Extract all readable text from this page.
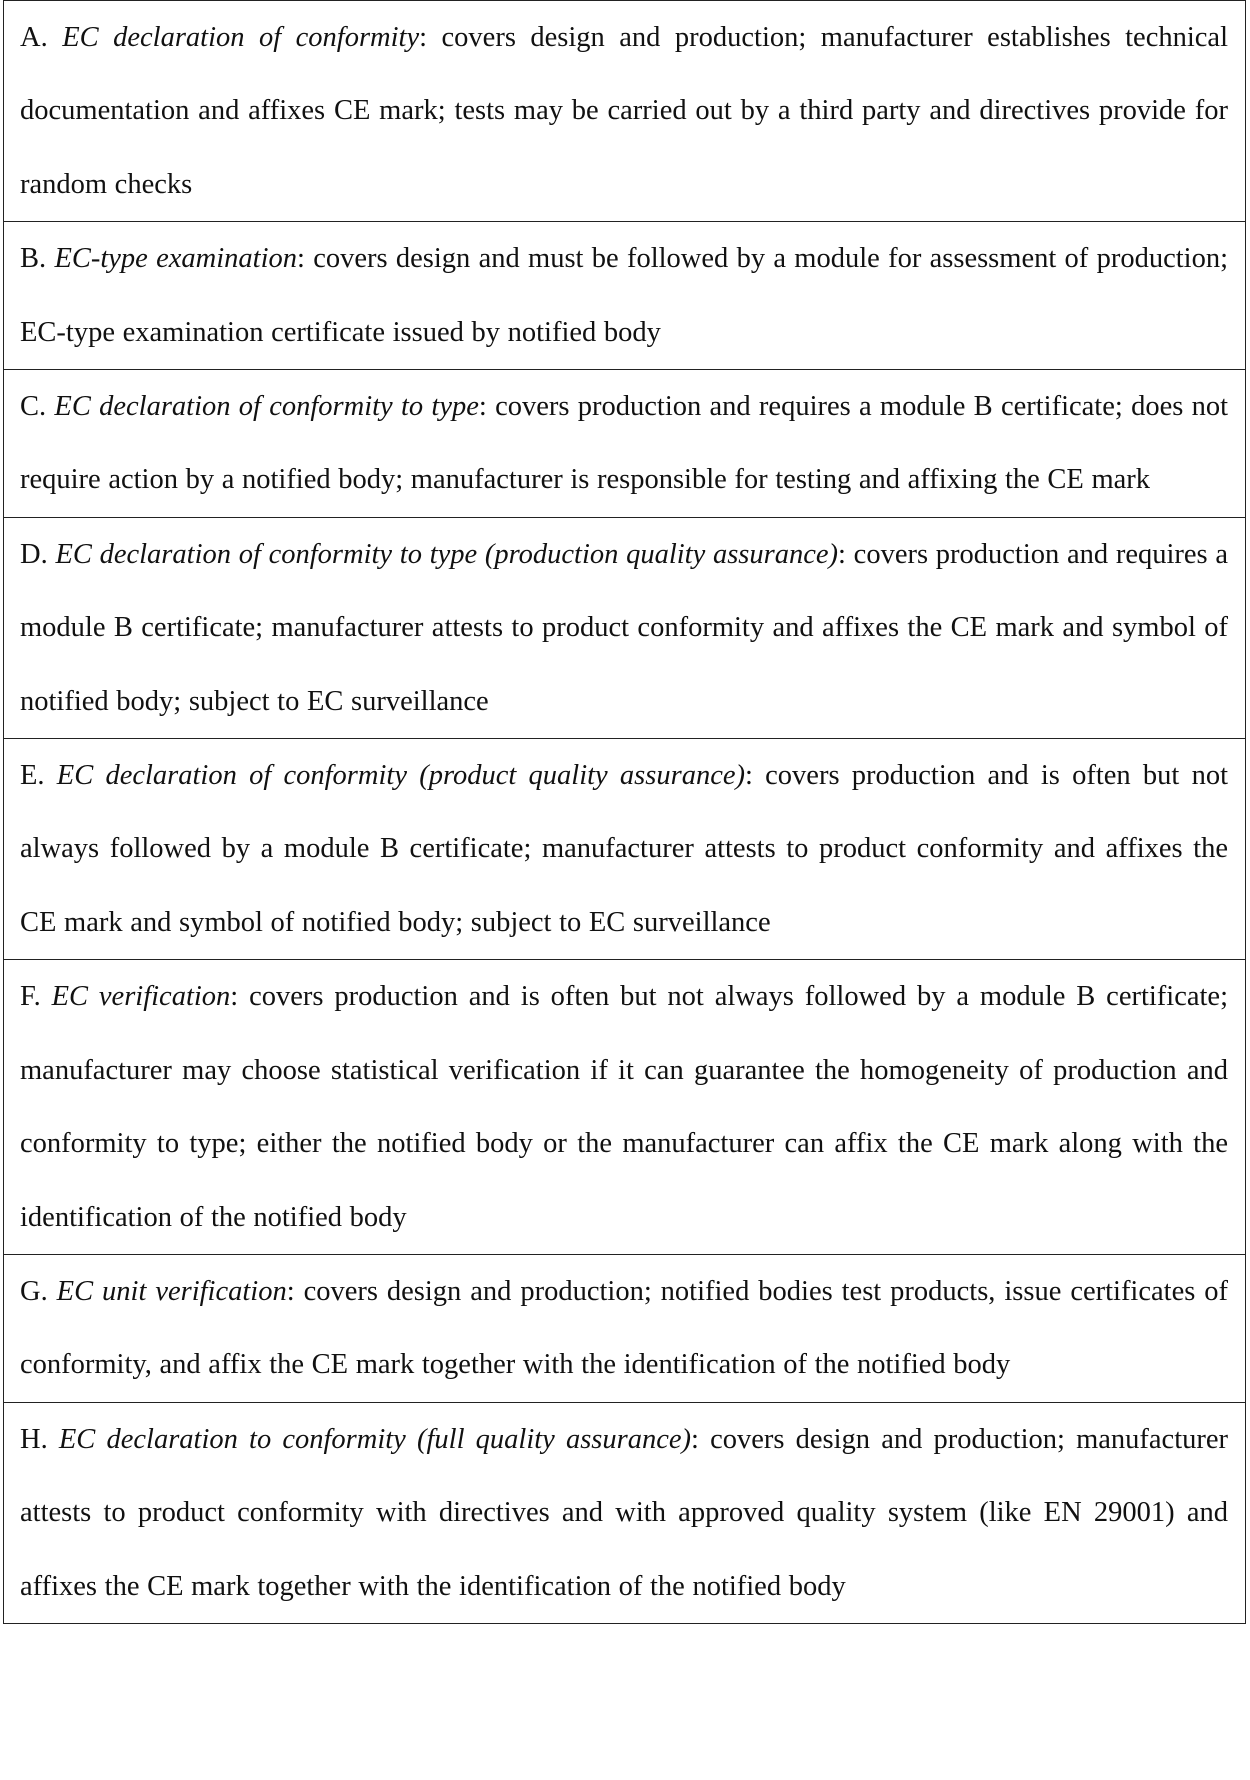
A. EC declaration of conformity: covers design and production; manufacturer establishes technical documentation and affixes CE mark; tests may be carried out by a third party and directives provide for random checks
B. EC-type examination: covers design and must be followed by a module for assessment of production; EC-type examination certificate issued by notified body
C. EC declaration of conformity to type: covers production and requires a module B certificate; does not require action by a notified body; manufacturer is responsible for testing and affixing the CE mark
D. EC declaration of conformity to type (production quality assurance): covers production and requires a module B certificate; manufacturer attests to product conformity and affixes the CE mark and symbol of notified body; subject to EC surveillance
E. EC declaration of conformity (product quality assurance): covers production and is often but not always followed by a module B certificate; manufacturer attests to product conformity and affixes the CE mark and symbol of notified body; subject to EC surveillance
F. EC verification: covers production and is often but not always followed by a module B certificate; manufacturer may choose statistical verification if it can guarantee the homogeneity of production and conformity to type; either the notified body or the manufacturer can affix the CE mark along with the identification of the notified body
G. EC unit verification: covers design and production; notified bodies test products, issue certificates of conformity, and affix the CE mark together with the identification of the notified body
H. EC declaration to conformity (full quality assurance): covers design and production; manufacturer attests to product conformity with directives and with approved quality system (like EN 29001) and affixes the CE mark together with the identification of the notified body
